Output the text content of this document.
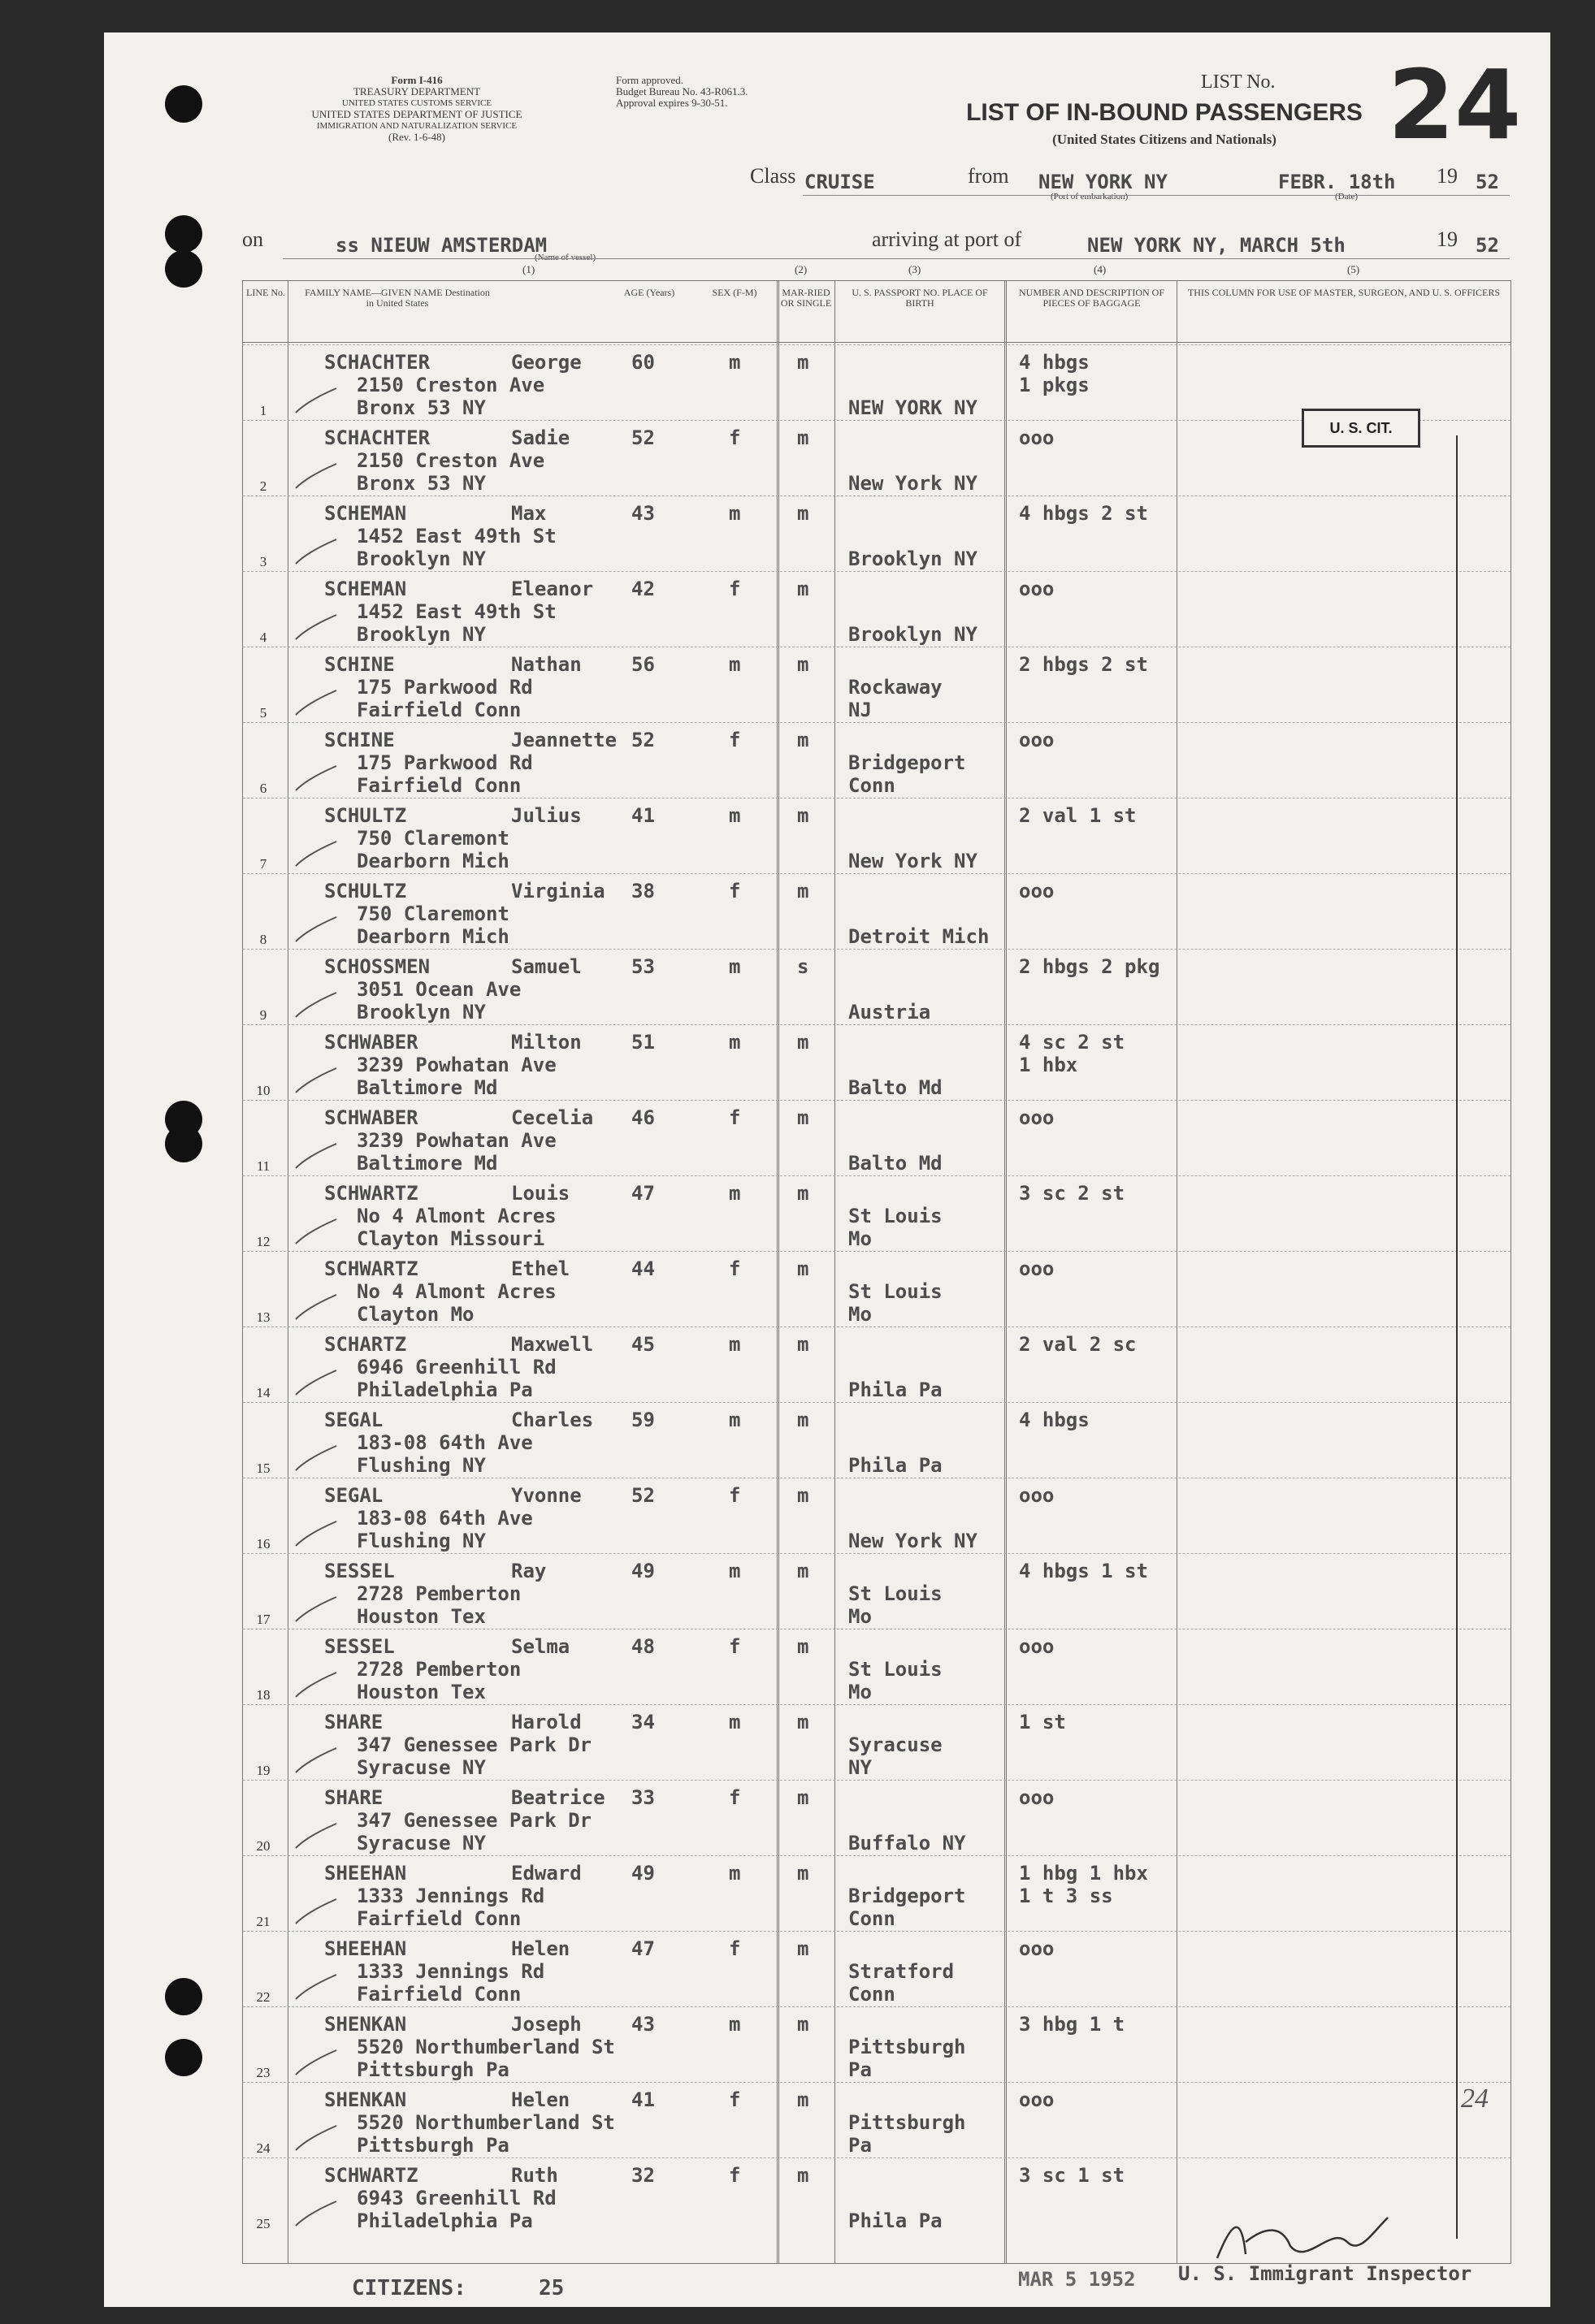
Form I-416
TREASURY DEPARTMENT
UNITED STATES CUSTOMS SERVICE
UNITED STATES DEPARTMENT OF JUSTICE
IMMIGRATION AND NATURALIZATION SERVICE
(Rev. 1-6-48)
Form approved.
Budget Bureau No. 43-R061.3.
Approval expires 9-30-51.
LIST No. 24
LIST OF IN-BOUND PASSENGERS
(United States Citizens and Nationals)
Class CRUISE	from NEW YORK NY
(Port of embarkation)
FEBR. 18th
(Date)
19 52
on	ss NIEUW AMSTERDAM
(Name of vessel)
arriving at port of	NEW YORK NY, MARCH 5th	19 52
(1)	(2)	(3)	(4)	(5)
LINE No.	FAMILY NAME—GIVEN NAME Destination in United States
AGE (Years)	SEX (F-M)	MAR-RIED OR SINGLE
U. S. PASSPORT NO. PLACE OF BIRTH
NUMBER AND DESCRIPTION OF PIECES OF BAGGAGE
THIS COLUMN FOR USE OF MASTER, SURGEON, AND U. S. OFFICERS
1
SCHACHTER	George
2150 Creston Ave
Bronx 53 NY
60	m	m
NEW YORK NY
4 hbgs
1 pkgs
2
SCHACHTER	Sadie
2150 Creston Ave
Bronx 53 NY
52	f	m
New York NY
ooo
3
SCHEMAN	Max
1452 East 49th St
Brooklyn NY
43	m	m
Brooklyn NY
4 hbgs 2 st
4
SCHEMAN	Eleanor
1452 East 49th St
Brooklyn NY
42	f	m
Brooklyn NY
ooo
5
SCHINE	Nathan
175 Parkwood Rd
Fairfield Conn
56	m	m
Rockaway
NJ
2 hbgs 2 st
6
SCHINE	Jeannette
175 Parkwood Rd
Fairfield Conn
52	f	m
Bridgeport
Conn
ooo
7
SCHULTZ	Julius
750 Claremont
Dearborn Mich
41	m	m
New York NY
2 val 1 st
8
SCHULTZ	Virginia
750 Claremont
Dearborn Mich
38	f	m
Detroit Mich
ooo
9
SCHOSSMEN	Samuel
3051 Ocean Ave
Brooklyn NY
53	m	s
Austria
2 hbgs 2 pkg
10
SCHWABER	Milton
3239 Powhatan Ave
Baltimore Md
51	m	m
Balto Md
4 sc 2 st
1 hbx
11
SCHWABER	Cecelia
3239 Powhatan Ave
Baltimore Md
46	f	m
Balto Md
ooo
12
SCHWARTZ	Louis
No 4 Almont Acres
Clayton Missouri
47	m	m
St Louis
Mo
3 sc 2 st
13
SCHWARTZ	Ethel
No 4 Almont Acres
Clayton Mo
44	f	m
St Louis
Mo
ooo
14
SCHARTZ	Maxwell
6946 Greenhill Rd
Philadelphia Pa
45	m	m
Phila Pa
2 val 2 sc
15
SEGAL	Charles
183-08 64th Ave
Flushing NY
59	m	m
Phila Pa
4 hbgs
16
SEGAL	Yvonne
183-08 64th Ave
Flushing NY
52	f	m
New York NY
ooo
17
SESSEL	Ray
2728 Pemberton
Houston Tex
49	m	m
St Louis
Mo
4 hbgs 1 st
18
SESSEL	Selma
2728 Pemberton
Houston Tex
48	f	m
St Louis
Mo
ooo
19
SHARE	Harold
347 Genessee Park Dr
Syracuse NY
34	m	m
Syracuse
NY
1 st
20
SHARE	Beatrice
347 Genessee Park Dr
Syracuse NY
33	f	m
Buffalo NY
ooo
21
SHEEHAN	Edward
1333 Jennings Rd
Fairfield Conn
49	m	m
Bridgeport
Conn
1 hbg 1 hbx
1 t 3 ss
22
SHEEHAN	Helen
1333 Jennings Rd
Fairfield Conn
47	f	m
Stratford
Conn
ooo
23
SHENKAN	Joseph
5520 Northumberland St
Pittsburgh Pa
43	m	m
Pittsburgh
Pa
3 hbg 1 t
24
SHENKAN	Helen
5520 Northumberland St
Pittsburgh Pa
41	f	m
Pittsburgh
Pa
ooo
25
SCHWARTZ	Ruth
6943 Greenhill Rd
Philadelphia Pa
32	f	m
Phila Pa
3 sc 1 st
U. S. CIT.
CITIZENS:	25	MAR 5 1952 U. S. Immigrant Inspector
24
